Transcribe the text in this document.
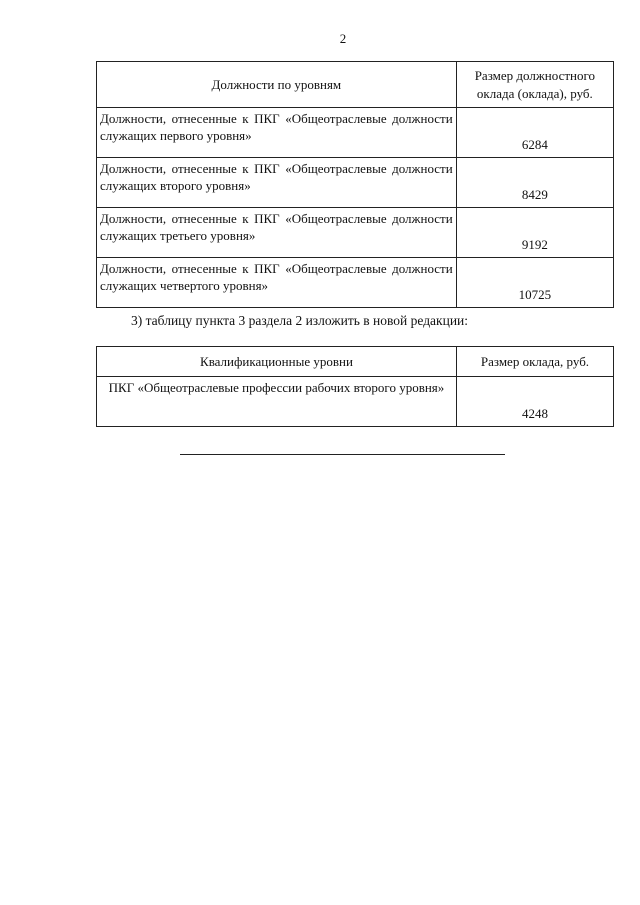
2
Должности по уровням	Размер должностного оклада (оклада), руб.
Должности, отнесенные к ПКГ «Общеотраслевые должности служащих первого уровня»	6284
Должности, отнесенные к ПКГ «Общеотраслевые должности служащих второго уровня»	8429
Должности, отнесенные к ПКГ «Общеотраслевые должности служащих третьего уровня»	9192
Должности, отнесенные к ПКГ «Общеотраслевые должности служащих четвертого уровня»	10725
3) таблицу пункта 3 раздела 2 изложить в новой редакции:
Квалификационные уровни	Размер оклада, руб.
ПКГ «Общеотраслевые профессии рабочих второго уровня»	4248
